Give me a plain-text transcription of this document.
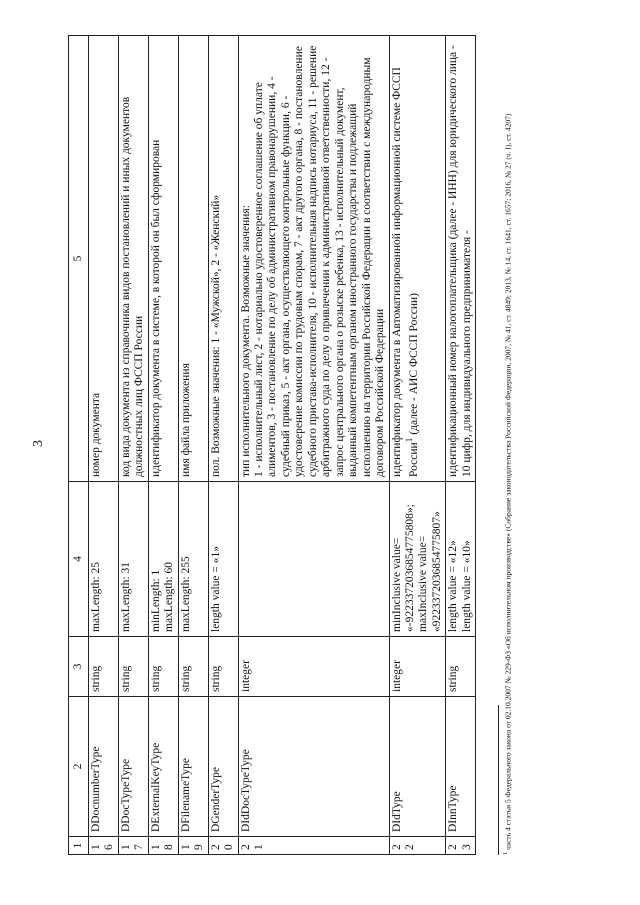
3
1	2	3	4	5
16	DDocnumberType	string	maxLength: 25	номер документа
17	DDocTypeType	string	maxLength: 31	код вида документа из справочника видов постановлений и иных документов должностных лиц ФССП России
18	DExternalKeyType	string	minLength: 1 maxLength: 60	идентификатор документа в системе, в которой он был сформирован
19	DFilenameType	string	maxLength: 255	имя файла приложения
20	DGenderType	string	length value = «1»	пол. Возможные значения: 1 - «Мужской», 2 - «Женский»
21	DIdDocTypeType	integer		тип исполнительного документа. Возможные значения:
1 - исполнительный лист, 2 - нотариально удостоверенное соглашение об уплате алиментов, 3 - постановление по делу об административном правонарушении, 4 - судебный приказ, 5 - акт органа, осуществляющего контрольные функции, 6 - удостоверение комиссии по трудовым спорам, 7 - акт другого органа, 8 - постановление судебного пристава-исполнителя, 10 - исполнительная надпись нотариуса, 11 - решение арбитражного суда по делу о привлечении к административной ответственности, 12 - запрос центрального органа о розыске ребенка, 13 - исполнительный документ, выданный компетентным органом иностранного государства и подлежащий исполнению на территории Российской Федерации в соответствии с международным договором Российской Федерации
22	DIdType	integer	minInclusive value= «-9223372036854775808»; maxInclusive value= «9223372036854775807»	идентификатор документа в Автоматизированной информационной системе ФССП России$^1$ (далее - АИС ФССП России)
23	DInnType	string	length value = «12» length value = «10»	идентификационный номер налогоплательщика (далее - ИНН) для юридического лица - 10 цифр, для индивидуального предпринимателя -
$^1$ часть 4 статьи 5 Федерального закона от 02.10.2007 № 229-ФЗ «Об исполнительном производстве» (Собрание законодательства Российской Федерации, 2007, № 41, ст. 4849; 2013, № 14, ст. 1641, ст. 1657; 2016, № 27 (ч. I), ст. 4207)
